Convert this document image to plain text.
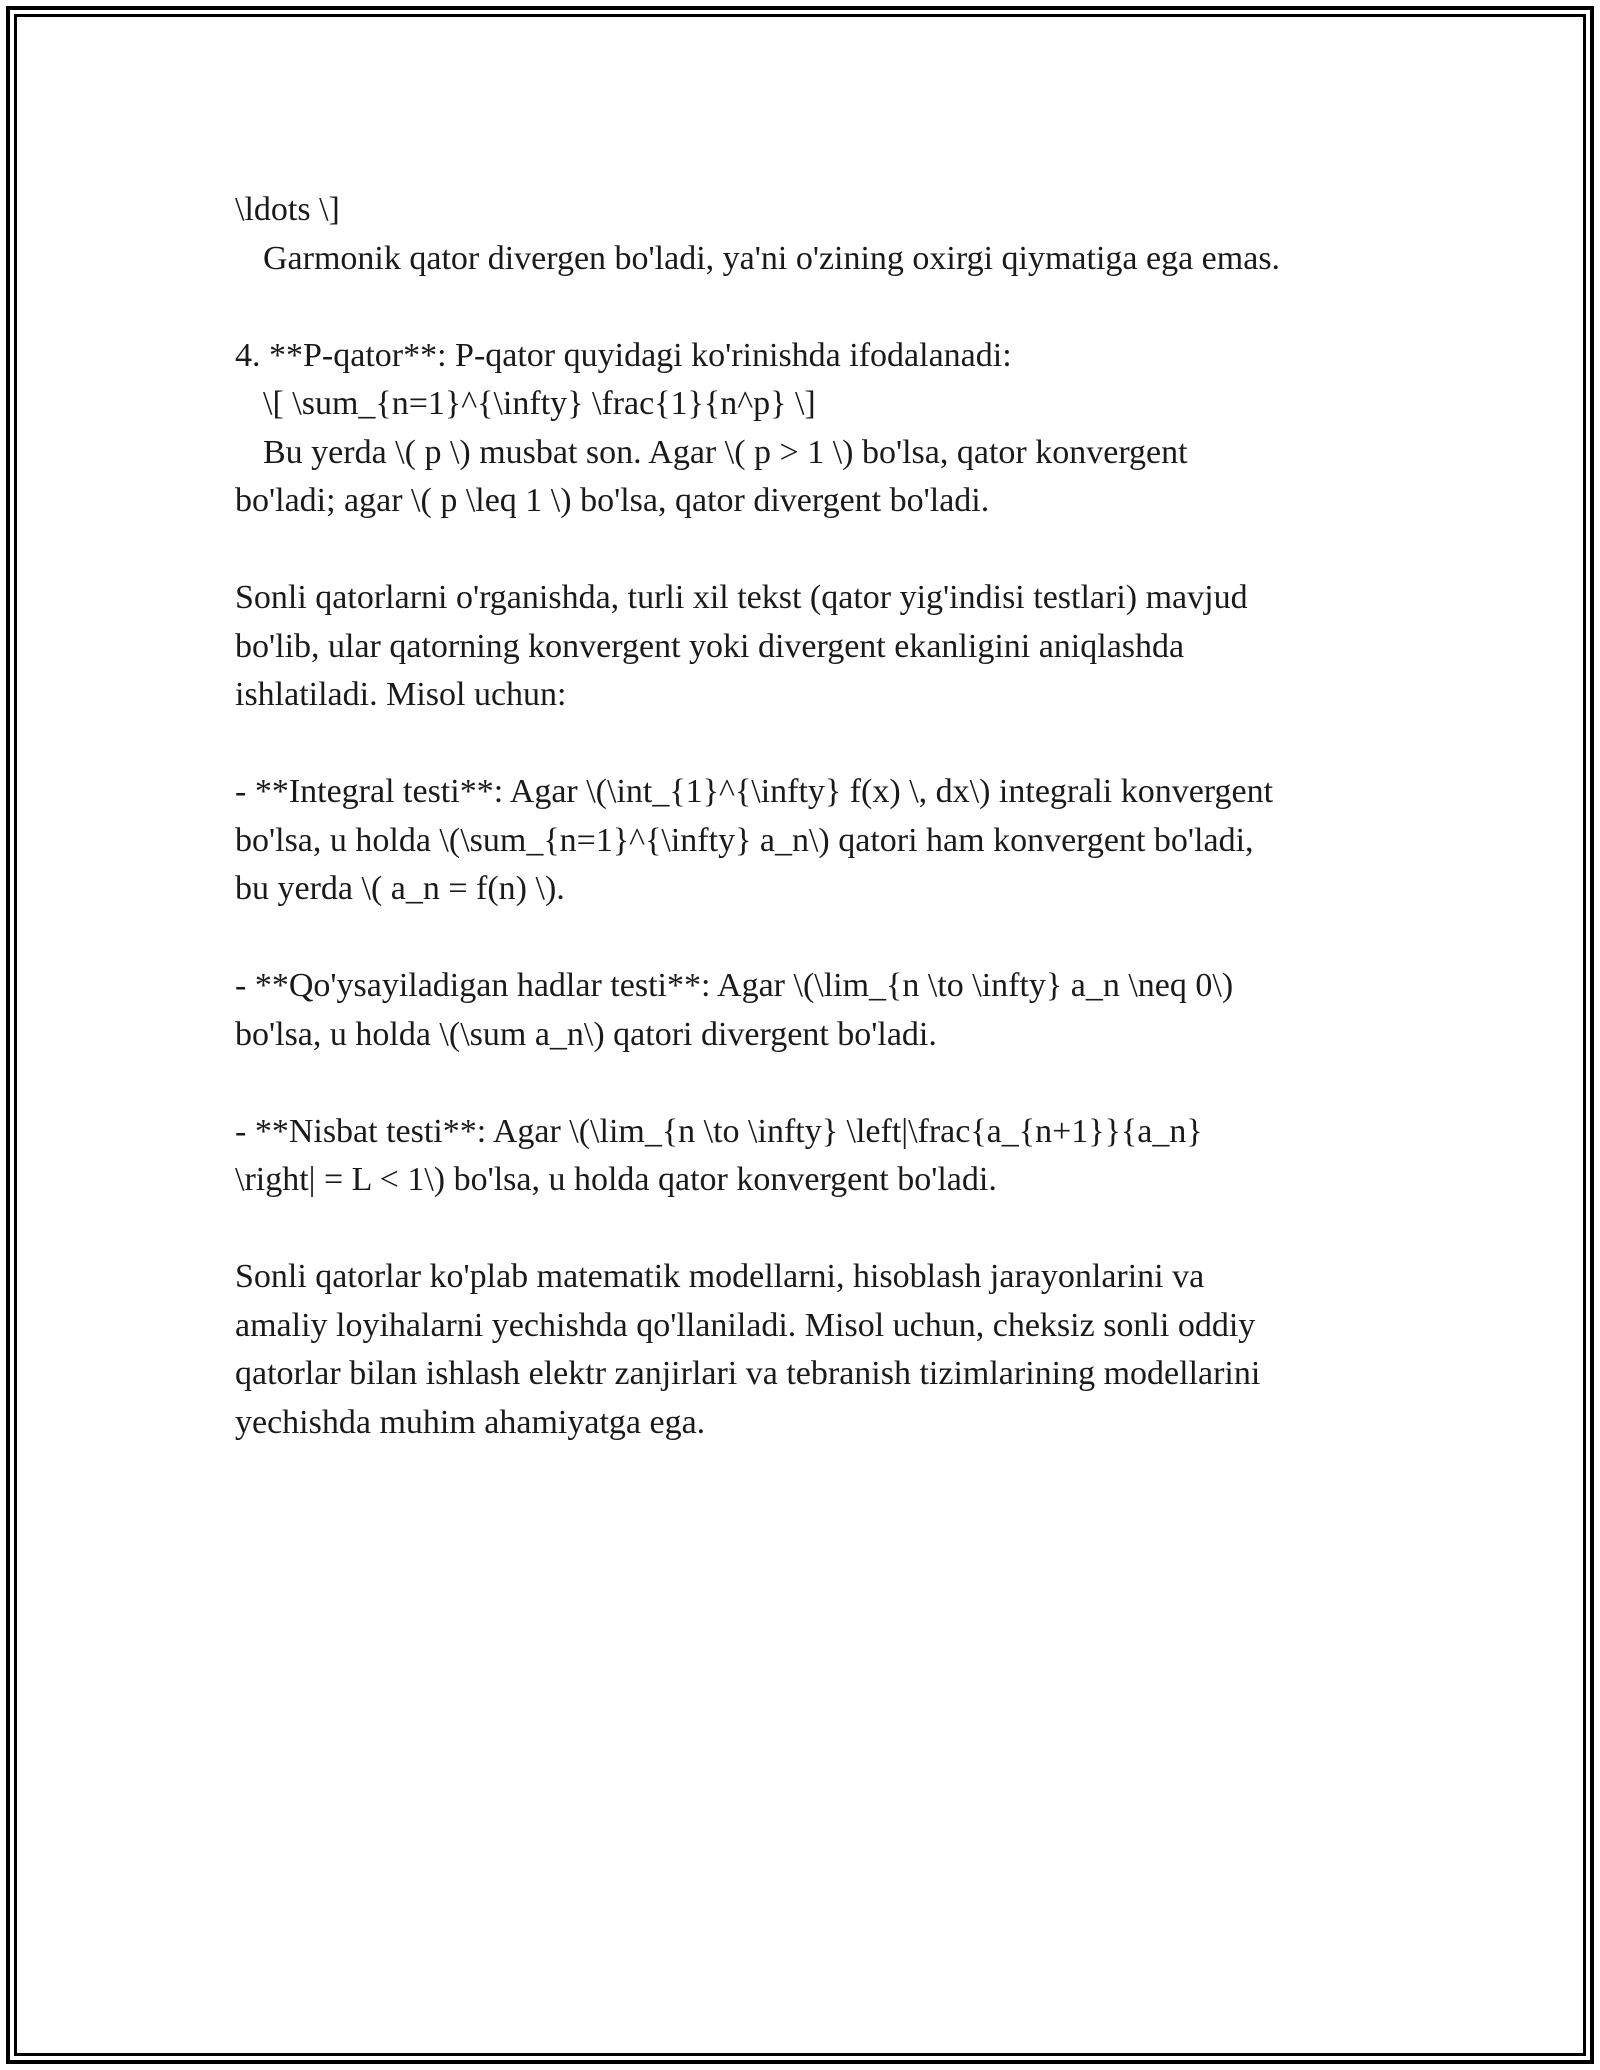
\ldots \]
Garmonik qator divergen bo'ladi, ya'ni o'zining oxirgi qiymatiga ega emas.
4. **P-qator**: P-qator quyidagi ko'rinishda ifodalanadi:
\[ \sum_{n=1}^{\infty} \frac{1}{n^p} \]
Bu yerda \( p \) musbat son. Agar \( p > 1 \) bo'lsa, qator konvergent
bo'ladi; agar \( p \leq 1 \) bo'lsa, qator divergent bo'ladi.
Sonli qatorlarni o'rganishda, turli xil tekst (qator yig'indisi testlari) mavjud
bo'lib, ular qatorning konvergent yoki divergent ekanligini aniqlashda
ishlatiladi. Misol uchun:
- **Integral testi**: Agar \(\int_{1}^{\infty} f(x) \, dx\) integrali konvergent
bo'lsa, u holda \(\sum_{n=1}^{\infty} a_n\) qatori ham konvergent bo'ladi,
bu yerda \( a_n = f(n) \).
- **Qo'ysayiladigan hadlar testi**: Agar \(\lim_{n \to \infty} a_n \neq 0\)
bo'lsa, u holda \(\sum a_n\) qatori divergent bo'ladi.
- **Nisbat testi**: Agar \(\lim_{n \to \infty} \left|\frac{a_{n+1}}{a_n}
\right| = L < 1\) bo'lsa, u holda qator konvergent bo'ladi.
Sonli qatorlar ko'plab matematik modellarni, hisoblash jarayonlarini va
amaliy loyihalarni yechishda qo'llaniladi. Misol uchun, cheksiz sonli oddiy
qatorlar bilan ishlash elektr zanjirlari va tebranish tizimlarining modellarini
yechishda muhim ahamiyatga ega.
